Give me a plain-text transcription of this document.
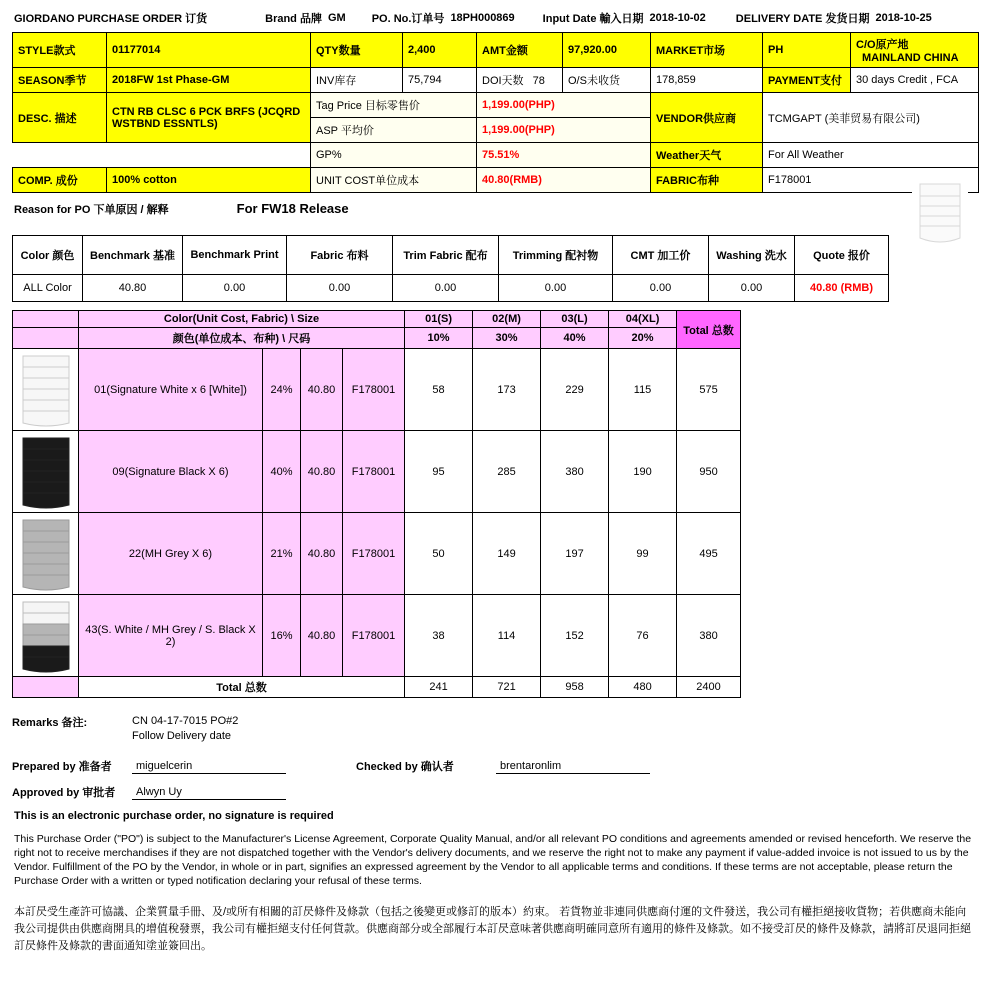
GIORDANO PURCHASE ORDER 订货	Brand 品牌 GM PO. No.订单号 18PH000869	Input Date 輸入日期 2018-10-02	DELIVERY DATE 发货日期 2018-10-25
STYLE款式	01177014	QTY数量	2,400	AMT金额	97,920.00	MARKET市场	PH	C/O原产地 MAINLAND CHINA
SEASON季节	2018FW 1st Phase-GM	INV库存	75,794	DOI天数 78	O/S未收货	178,859	PAYMENT支付	30 days Credit , FCA
DESC. 描述	CTN RB CLSC 6 PCK BRFS (JCQRD WSTBND ESSNTLS)	Tag Price 目标零售价		1,199.00(PHP)		VENDOR供应商	TCMGAPT (美菲贸易有限公司)	
		ASP 平均价		1,199.00(PHP)				
		GP%		75.51%		Weather天气	For All Weather	
COMP. 成份	100% cotton	UNIT COST单位成本		40.80(RMB)		FABRIC布种	F178001	
Reason for PO 下单原因 / 解释	For FW18 Release
Color 颜色	Benchmark 基准	Benchmark Print	Fabric 布料	Trim Fabric 配布	Trimming 配衬物	CMT 加工价	Washing 洗水	Quote 报价
ALL Color	40.80	0.00	0.00	0.00	0.00	0.00	0.00	40.80 (RMB)
	Color(Unit Cost, Fabric) \ Size				01(S)	02(M)	03(L)	04(XL)	Total 总数
	颜色(单位成本、布种) \ 尺码				10%	30%	40%	20%	

	01(Signature White x 6 [White])	24%	40.80	F178001	58	173	229	115	575

	09(Signature Black X 6)	40%	40.80	F178001	95	285	380	190	950

	22(MH Grey X 6)	21%	40.80	F178001	50	149	197	99	495

	43(S. White / MH Grey / S. Black X 2)	16%	40.80	F178001	38	114	152	76	380
	Total 总数				241	721	958	480	2400
Remarks 备注:	CN 04-17-7015 PO#2
Follow Delivery date
Prepared by 准备者	miguelcerin	Checked by 确认者	brentaronlim
Approved by 审批者	Alwyn Uy
This is an electronic purchase order, no signature is required
This Purchase Order ("PO") is subject to the Manufacturer's License Agreement, Corporate Quality Manual, and/or all relevant PO conditions and agreements amended or revised henceforth. We reserve the right not to receive merchandises if they are not dispatched together with the Vendor's delivery documents, and we reserve the right not to make any payment if value-added invoice is not issued to us by the Vendor. Fulfillment of the PO by the Vendor, in whole or in part, signifies an expressed agreement by the Vendor to all applicable terms and conditions. If these terms are not acceptable, please return the Purchase Order with a written or typed notification declaring your refusal of these terms.
本訂昃受生產許可協議、企業質量手冊、及/或所有相關的訂昃條件及條款（包括之後變更或修訂的版本）約束。 若貨物並非連同供應商付運的文件發送，我公司有權拒絕接收貨物；若供應商未能向我公司提供由供應商開具的增值稅發票，我公司有權拒絕支付任何貨款。供應商部分或全部履行本訂昃意味著供應商明確同意所有適用的條件及條款。如不接受訂昃的條件及條款，請將訂昃退同拒絕訂昃條件及條款的書面通知塗並簽回出。
